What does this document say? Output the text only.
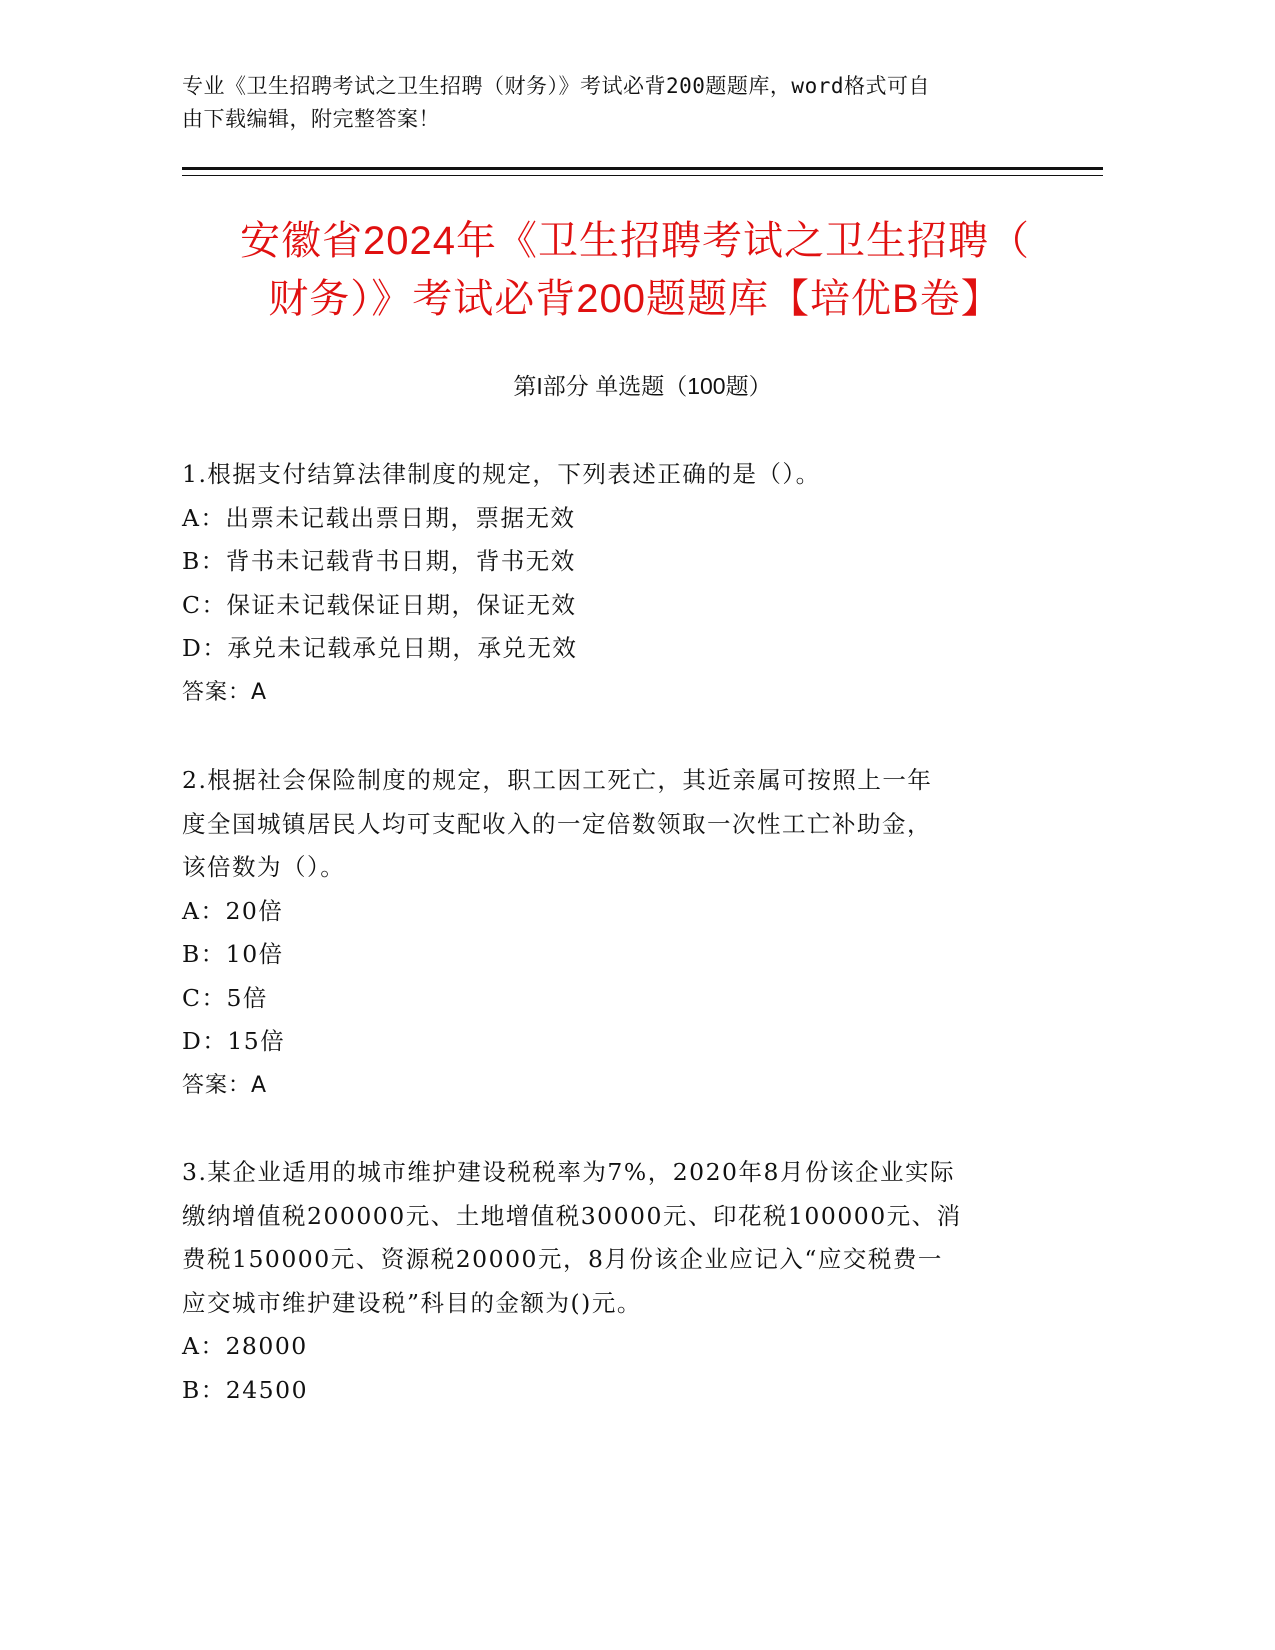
专业《卫生招聘考试之卫生招聘（财务）》考试必背200题题库，word格式可自
由下载编辑，附完整答案！
安徽省2024年《卫生招聘考试之卫生招聘（
财务）》考试必背200题题库【培优B卷】
第I部分 单选题（100题）

1.根据支付结算法律制度的规定，下列表述正确的是（）。

A：出票未记载出票日期，票据无效

B：背书未记载背书日期，背书无效

C：保证未记载保证日期，保证无效

D：承兑未记载承兑日期，承兑无效

答案：A

2.根据社会保险制度的规定，职工因工死亡，其近亲属可按照上一年

度全国城镇居民人均可支配收入的一定倍数领取一次性工亡补助金，

该倍数为（）。

A：20倍

B：10倍

C：5倍

D：15倍

答案：A

3.某企业适用的城市维护建设税税率为7%，2020年8月份该企业实际

缴纳增值税200000元、土地增值税30000元、印花税100000元、消

费税150000元、资源税20000元，8月份该企业应记入“应交税费一

应交城市维护建设税”科目的金额为()元。

A：28000

B：24500
